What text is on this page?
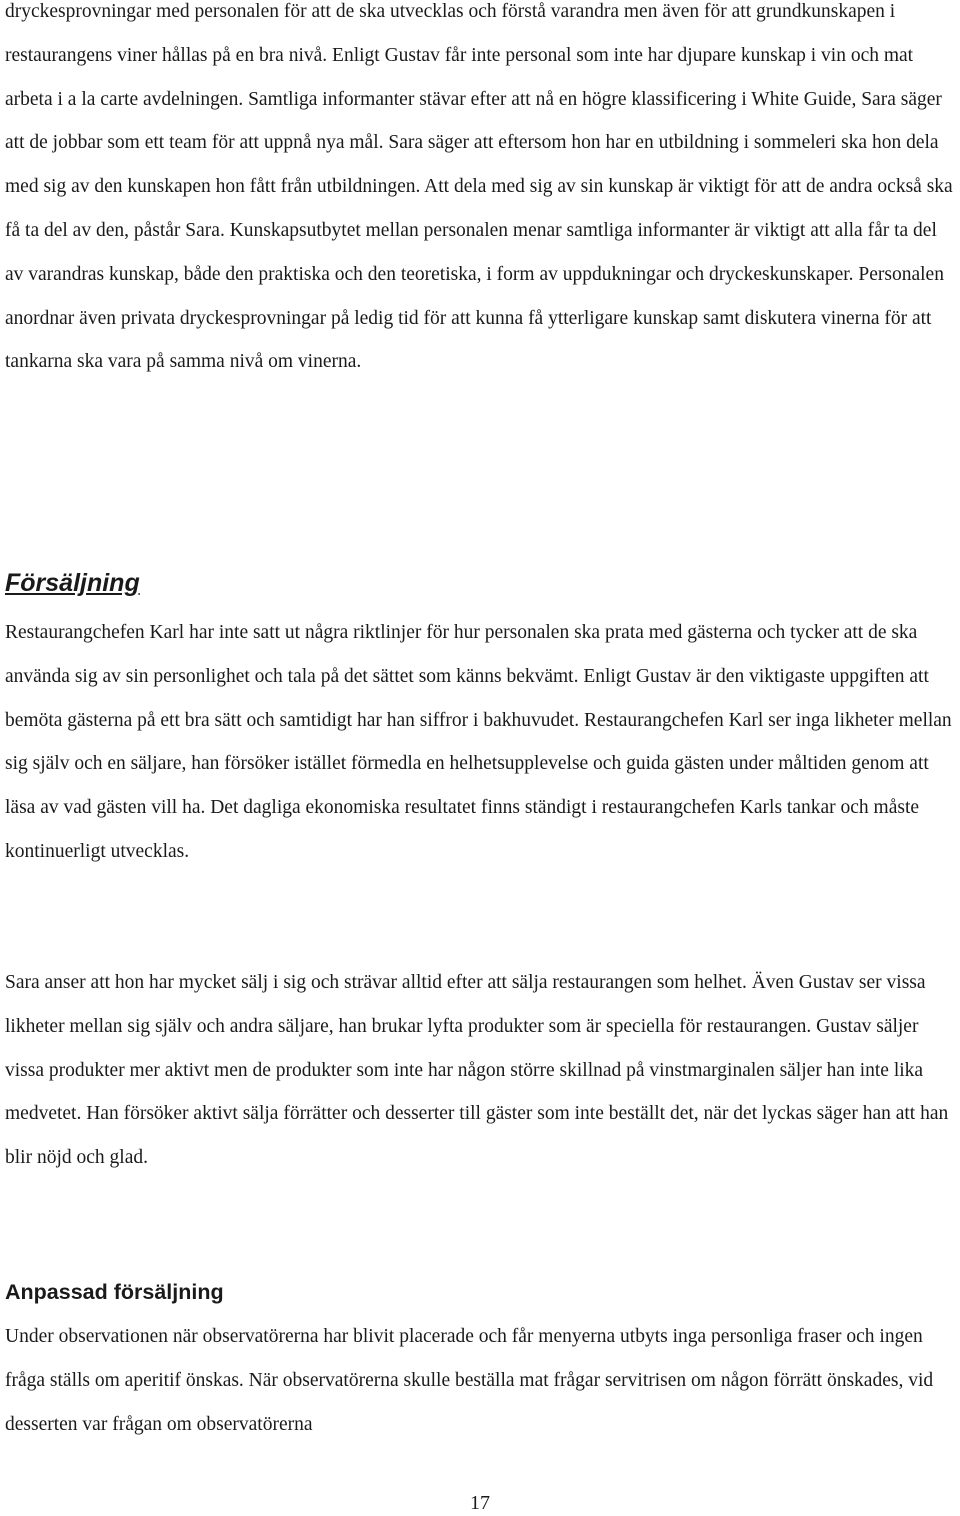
dryckesprovningar med personalen för att de ska utvecklas och förstå varandra men även för att grundkunskapen i restaurangens viner hållas på en bra nivå. Enligt Gustav får inte personal som inte har djupare kunskap i vin och mat arbeta i a la carte avdelningen. Samtliga informanter stävar efter att nå en högre klassificering i White Guide, Sara säger att de jobbar som ett team för att uppnå nya mål. Sara säger att eftersom hon har en utbildning i sommeleri ska hon dela med sig av den kunskapen hon fått från utbildningen. Att dela med sig av sin kunskap är viktigt för att de andra också ska få ta del av den, påstår Sara. Kunskapsutbytet mellan personalen menar samtliga informanter är viktigt att alla får ta del av varandras kunskap, både den praktiska och den teoretiska, i form av uppdukningar och dryckeskunskaper. Personalen anordnar även privata dryckesprovningar på ledig tid för att kunna få ytterligare kunskap samt diskutera vinerna för att tankarna ska vara på samma nivå om vinerna.

Försäljning

Restaurangchefen Karl har inte satt ut några riktlinjer för hur personalen ska prata med gästerna och tycker att de ska använda sig av sin personlighet och tala på det sättet som känns bekvämt. Enligt Gustav är den viktigaste uppgiften att bemöta gästerna på ett bra sätt och samtidigt har han siffror i bakhuvudet. Restaurangchefen Karl ser inga likheter mellan sig själv och en säljare, han försöker istället förmedla en helhetsupplevelse och guida gästen under måltiden genom att läsa av vad gästen vill ha. Det dagliga ekonomiska resultatet finns ständigt i restaurangchefen Karls tankar och måste kontinuerligt utvecklas.

Sara anser att hon har mycket sälj i sig och strävar alltid efter att sälja restaurangen som helhet. Även Gustav ser vissa likheter mellan sig själv och andra säljare, han brukar lyfta produkter som är speciella för restaurangen. Gustav säljer vissa produkter mer aktivt men de produkter som inte har någon större skillnad på vinstmarginalen säljer han inte lika medvetet. Han försöker aktivt sälja förrätter och desserter till gäster som inte beställt det, när det lyckas säger han att han blir nöjd och glad.

Anpassad försäljning

Under observationen när observatörerna har blivit placerade och får menyerna utbyts inga personliga fraser och ingen fråga ställs om aperitif önskas. När observatörerna skulle beställa mat frågar servitrisen om någon förrätt önskades, vid desserten var frågan om observatörerna

17
